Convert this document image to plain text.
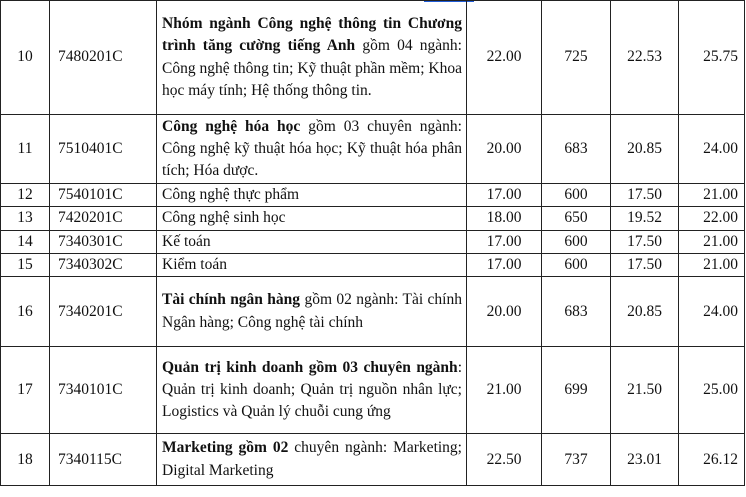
10	7480201C	Nhóm ngành Công nghệ thông tin Chương trình tăng cường tiếng Anh gồm 04 ngành: Công nghệ thông tin; Kỹ thuật phần mềm; Khoa học máy tính; Hệ thống thông tin.	22.00	725	22.53	25.75
11	7510401C	Công nghệ hóa học gồm 03 chuyên ngành: Công nghệ kỹ thuật hóa học; Kỹ thuật hóa phân tích; Hóa dược.	20.00	683	20.85	24.00
12	7540101C	Công nghệ thực phẩm	17.00	600	17.50	21.00
13	7420201C	Công nghệ sinh học	18.00	650	19.52	22.00
14	7340301C	Kế toán	17.00	600	17.50	21.00
15	7340302C	Kiểm toán	17.00	600	17.50	21.00
16	7340201C	Tài chính ngân hàng gồm 02 ngành: Tài chính Ngân hàng; Công nghệ tài chính	20.00	683	20.85	24.00
17	7340101C	Quản trị kinh doanh gồm 03 chuyên ngành: Quản trị kinh doanh; Quản trị nguồn nhân lực; Logistics và Quản lý chuỗi cung ứng	21.00	699	21.50	25.00
18	7340115C	Marketing gồm 02 chuyên ngành: Marketing; Digital Marketing	22.50	737	23.01	26.12
